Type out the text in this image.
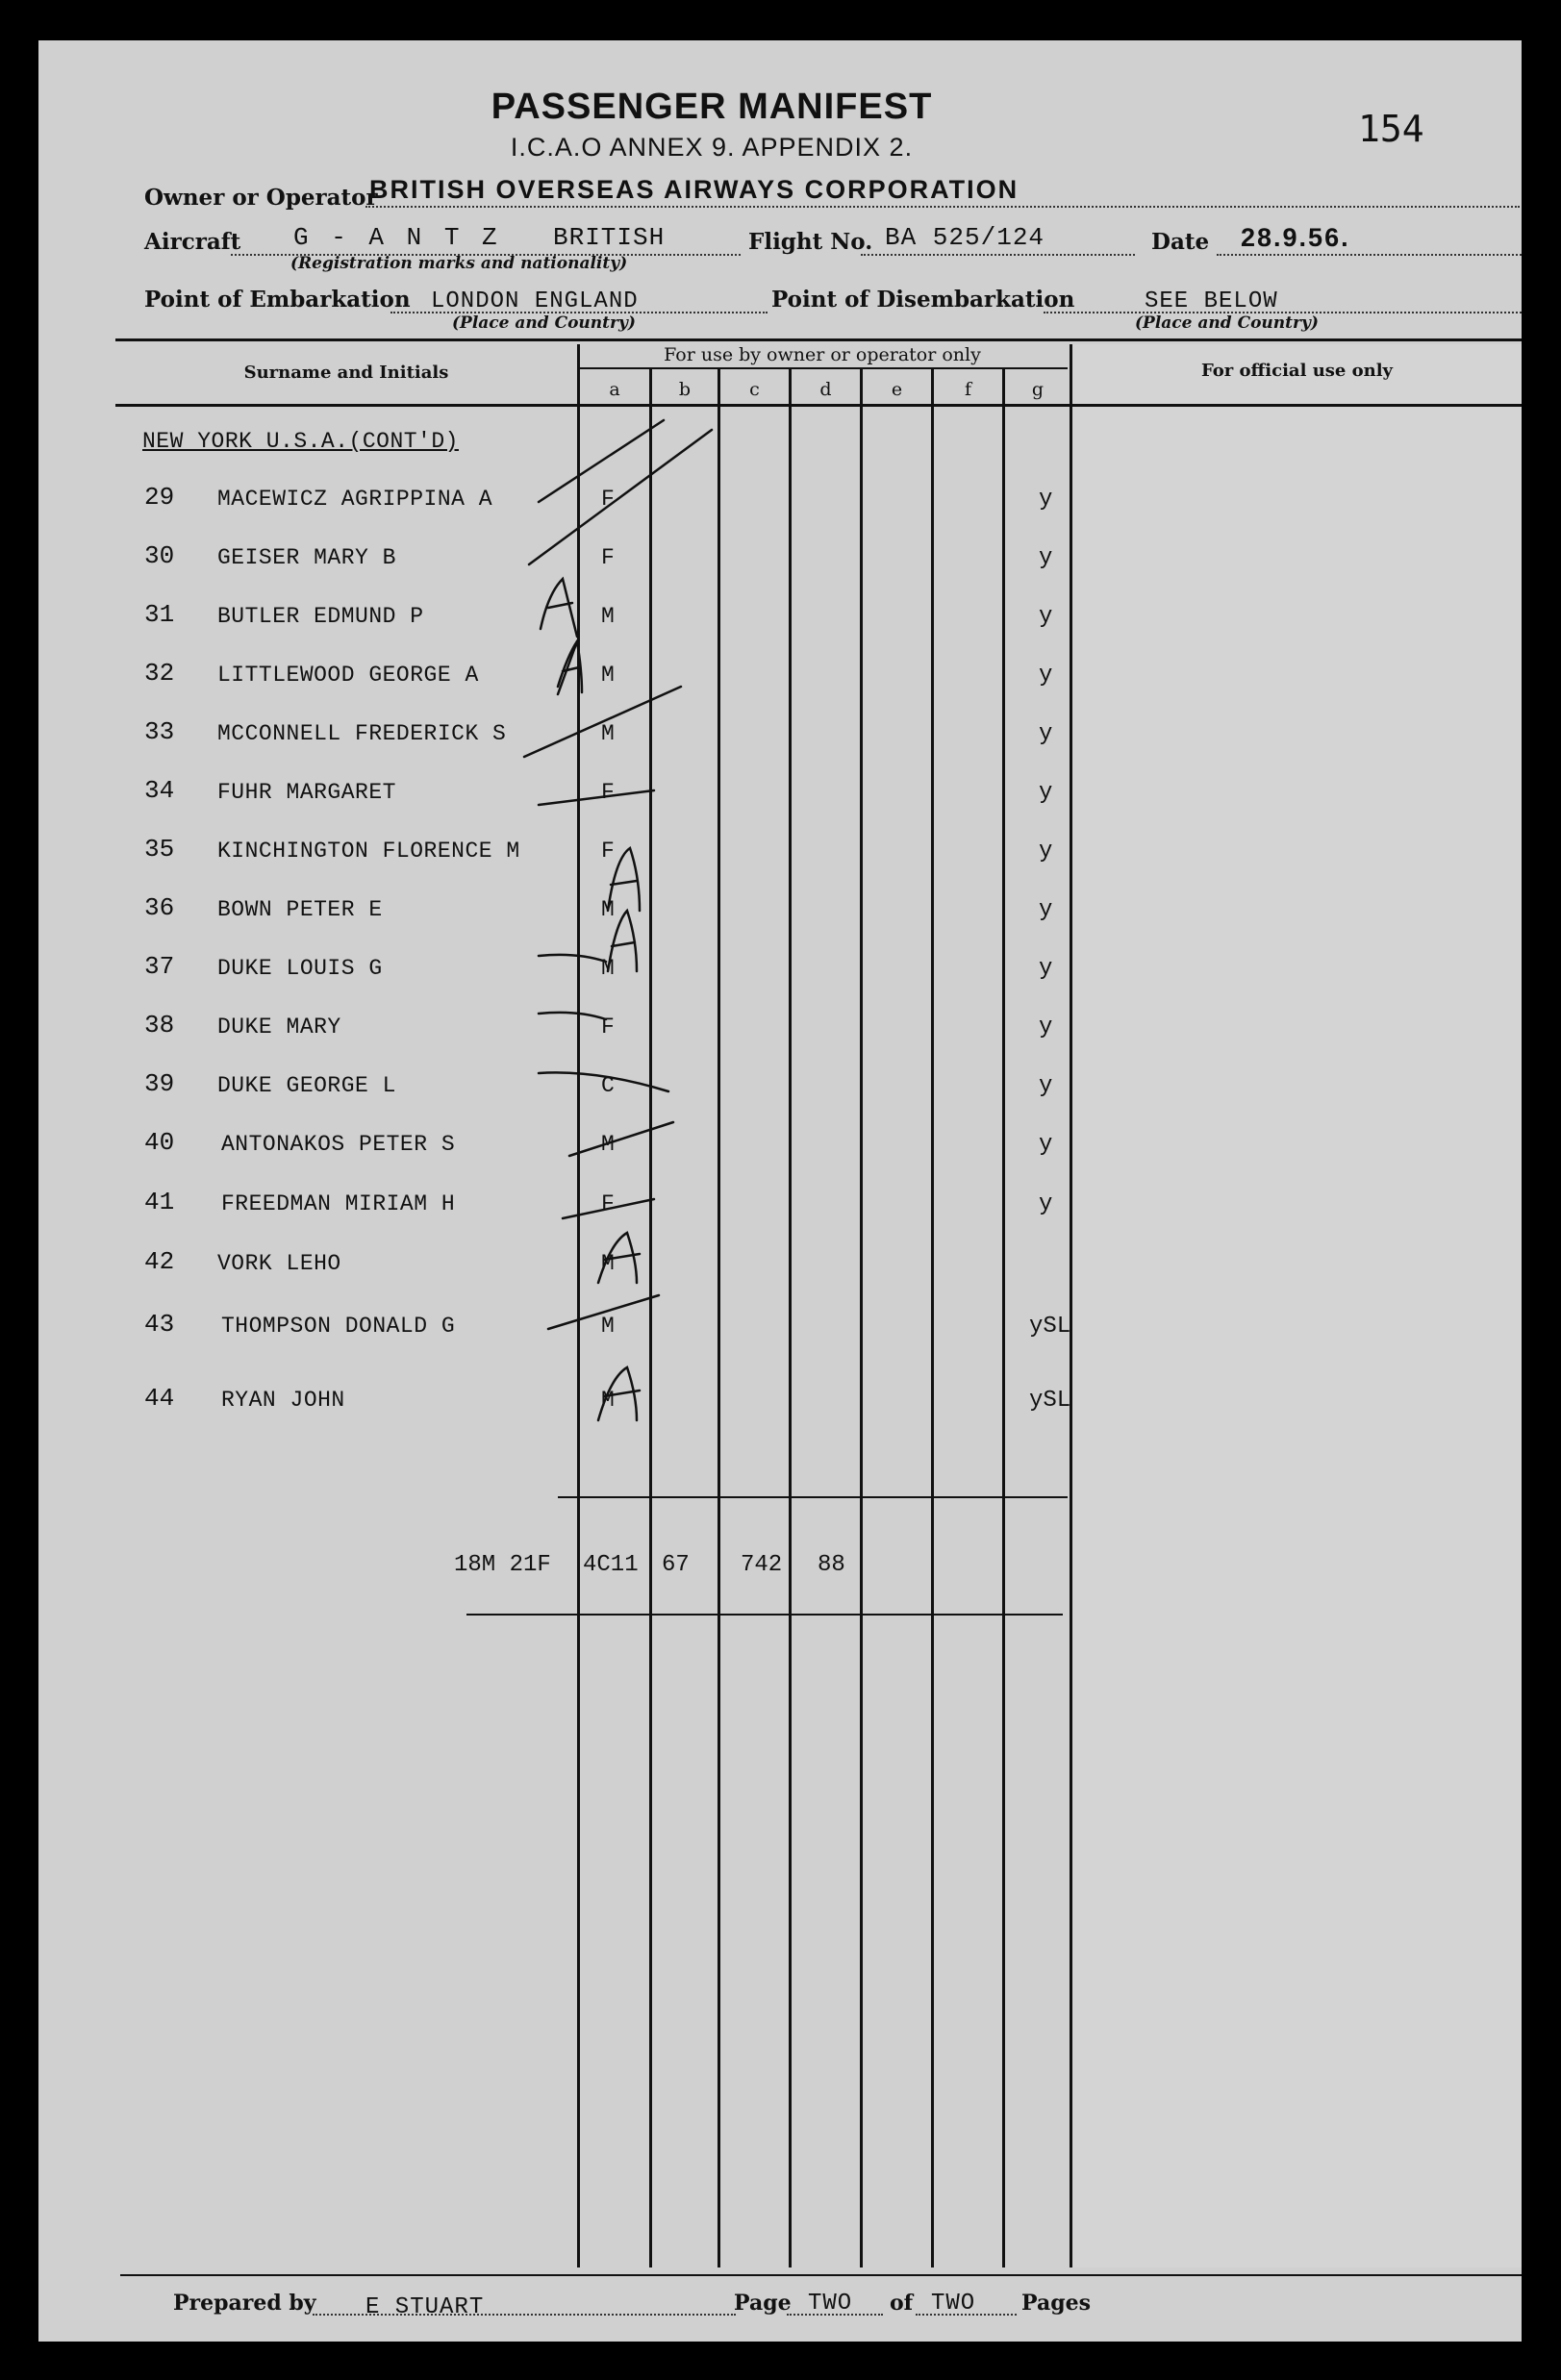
PASSENGER MANIFEST
I.C.A.O ANNEX 9. APPENDIX 2.	154
Owner or Operator
BRITISH OVERSEAS AIRWAYS CORPORATION
Aircraft G - A N T Z BRITISH
(Registration marks and nationality)
Flight No. BA 525/124	Date 28.9.56.
Point of Embarkation LONDON ENGLAND
(Place and Country)
Point of Disembarkation	SEE BELOW
(Place and Country)
Surname and Initials
For use by owner or operator only
For official use only
a	b	c	d	e	f	g
NEW YORK U.S.A.(CONT'D)
29 MACEWICZ AGRIPPINA A	F	y
30 GEISER MARY B	F	y
31 BUTLER EDMUND P	M	y
32 LITTLEWOOD GEORGE A	M	y
33 MCCONNELL FREDERICK S	M	y
34 FUHR MARGARET	F	y
35 KINCHINGTON FLORENCE M	F	y
36 BOWN PETER E	M	y
37 DUKE LOUIS G	M	y
38 DUKE MARY	F	y
39 DUKE GEORGE L	C	y
40 ANTONAKOS PETER S	M	y
41 FREEDMAN MIRIAM H	F	y
42 VORK LEHO	M
43 THOMPSON DONALD G	M	ySL
44 RYAN JOHN	M	ySL
18M 21F 4C11 67 742 88
Prepared by E STUART	Page TWO of TWO Pages
